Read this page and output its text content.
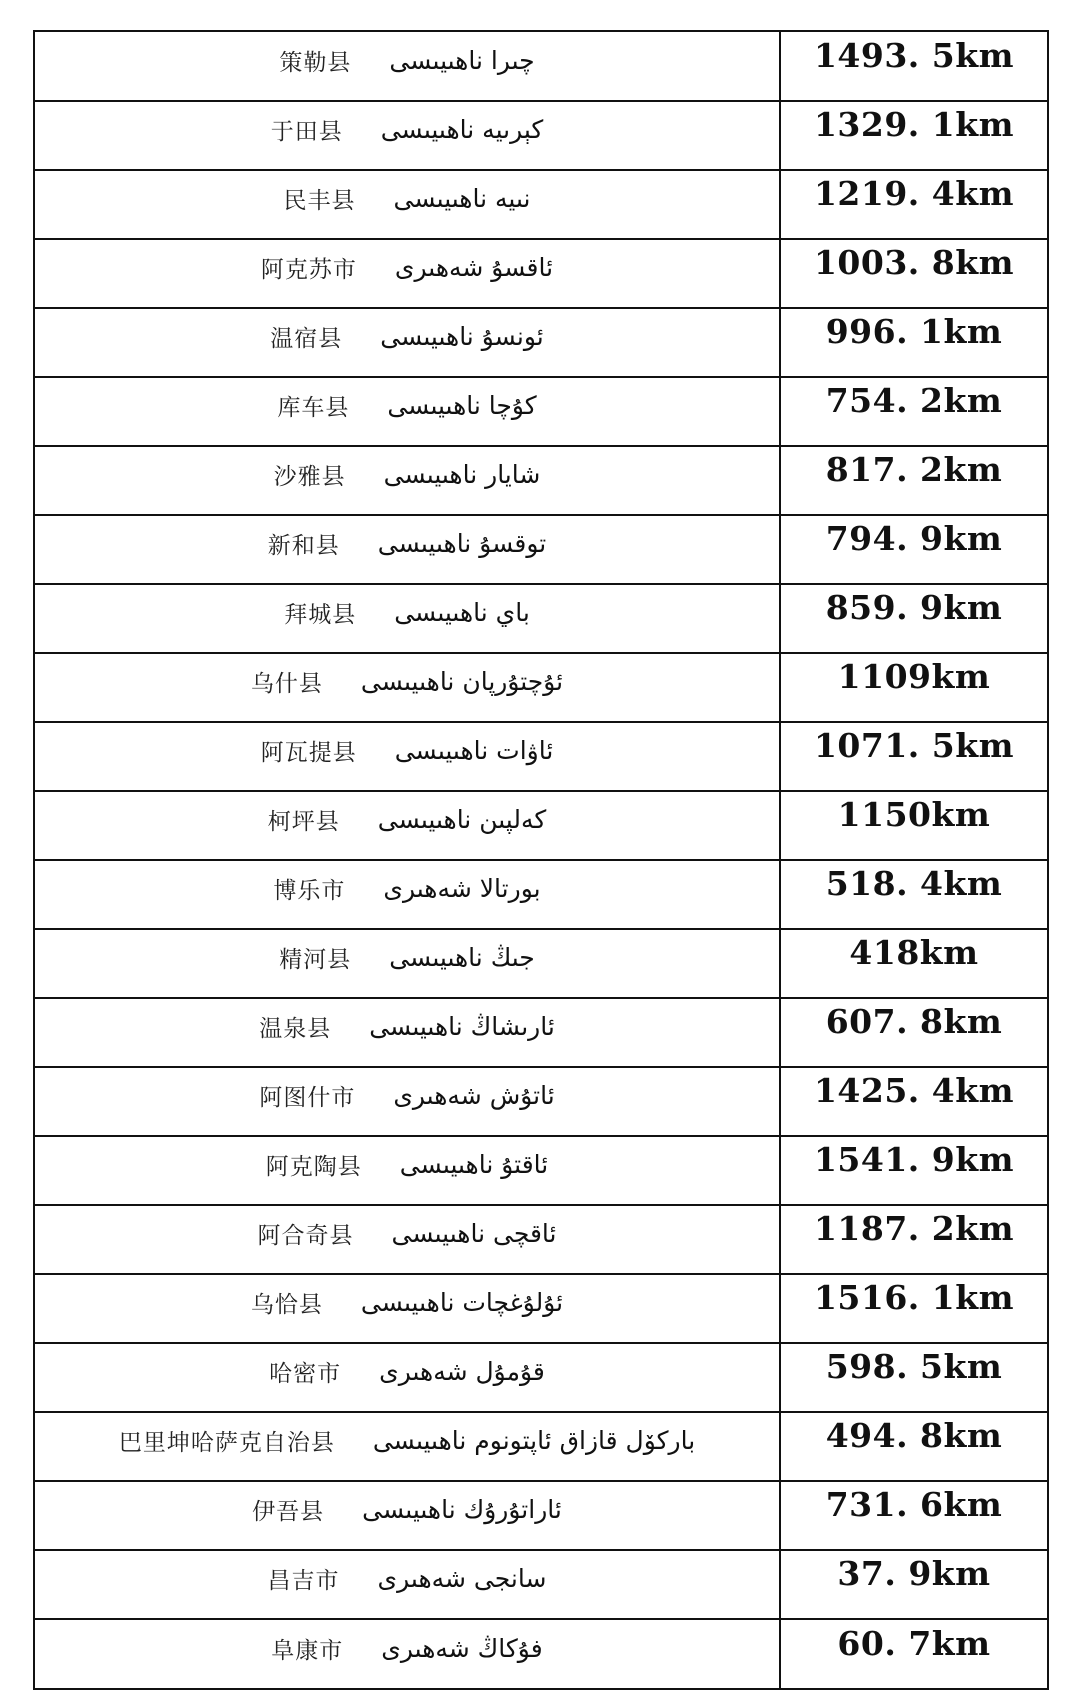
策勒县 چىرا ناھىيىسى	1493. 5km

于田县 كېرىيە ناھىيىسى	1329. 1km

民丰县 نىيە ناھىيىسى	1219. 4km

阿克苏市 ئاقسۇ شەھىرى	1003. 8km

温宿县 ئونسۇ ناھىيىسى	996. 1km

库车县 كۇچا ناھىيىسى	754. 2km

沙雅县 شايار ناھىيىسى	817. 2km

新和县 توقسۇ ناھىيىسى	794. 9km

拜城县 باي ناھىيىسى	859. 9km

乌什县 ئۇچتۇرپان ناھىيىسى	1109km

阿瓦提县 ئاۋات ناھىيىسى	1071. 5km

柯坪县 كەلپىن ناھىيىسى	1150km

博乐市 بورتالا شەھىرى	518. 4km

精河县 جىڭ ناھىيىسى	418km

温泉县 ئارىشاڭ ناھىيىسى	607. 8km

阿图什市 ئاتۇش شەھىرى	1425. 4km

阿克陶县 ئاقتۇ ناھىيىسى	1541. 9km

阿合奇县 ئاقچى ناھىيىسى	1187. 2km

乌恰县 ئۇلۇغچات ناھىيىسى	1516. 1km

哈密市 قۇمۇل شەھىرى	598. 5km

巴里坤哈萨克自治县 باركۆل قازاق ئاپتونوم ناھىيىسى	494. 8km

伊吾县 ئاراتۇرۇك ناھىيىسى	731. 6km

昌吉市 سانجى شەھىرى	37. 9km

阜康市 فۇكاڭ شەھىرى	60. 7km
